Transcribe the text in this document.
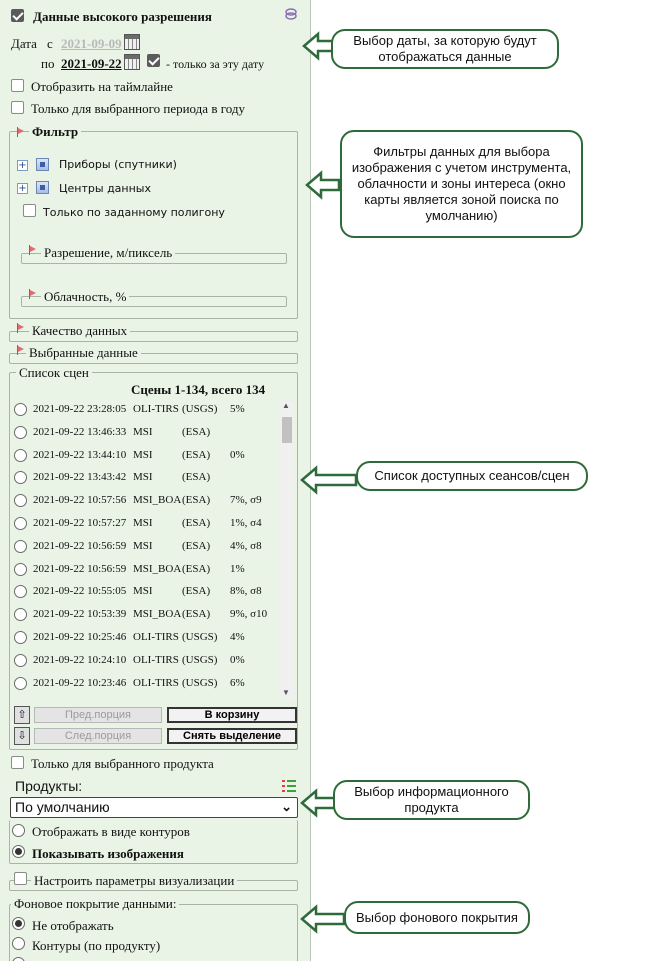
Данные высокого разрешения
Дата с 2021-09-09
по 2021-09-22	- только за эту дату
Отобразить на таймлайне
Только для выбранного периода в году
Фильтр
+	Приборы (спутники)
+	Центры данных
Только по заданному полигону
Разрешение, м/пиксель
Облачность, %
Качество данных
Выбранные данные
Список сцен
Сцены 1-134, всего 134
2021-09-22 23:28:05 OLI-TIRS (USGS) 5%
2021-09-22 13:46:33 MSI	(ESA)
2021-09-22 13:44:10 MSI	(ESA) 0%
2021-09-22 13:43:42 MSI	(ESA)
2021-09-22 10:57:56 MSI_BOA (ESA) 7%, σ9
2021-09-22 10:57:27 MSI	(ESA) 1%, σ4
2021-09-22 10:56:59 MSI	(ESA) 4%, σ8
2021-09-22 10:56:59 MSI_BOA (ESA) 1%
2021-09-22 10:55:05 MSI	(ESA) 8%, σ8
2021-09-22 10:53:39 MSI_BOA (ESA) 9%, σ10
2021-09-22 10:25:46 OLI-TIRS (USGS) 4%
2021-09-22 10:24:10 OLI-TIRS (USGS) 0%
2021-09-22 10:23:46 OLI-TIRS (USGS) 6%
▲
▼
⇧
⇩
Пред.порция	В корзину
След.порция	Снять выделение
Только для выбранного продукта
Продукты:
По умолчанию	⌄
Отображать в виде контуров
Показывать изображения
Настроить параметры визуализации
Фоновое покрытие данными:
Не отображать
Контуры (по продукту)
Выбор даты, за которую будут отображаться данные
Фильтры данных для выбора изображения с учетом инструмента, облачности и зоны интереса (окно карты является зоной поиска по умолчанию)
Список доступных сеансов/сцен
Выбор информационного продукта
Выбор фонового покрытия
